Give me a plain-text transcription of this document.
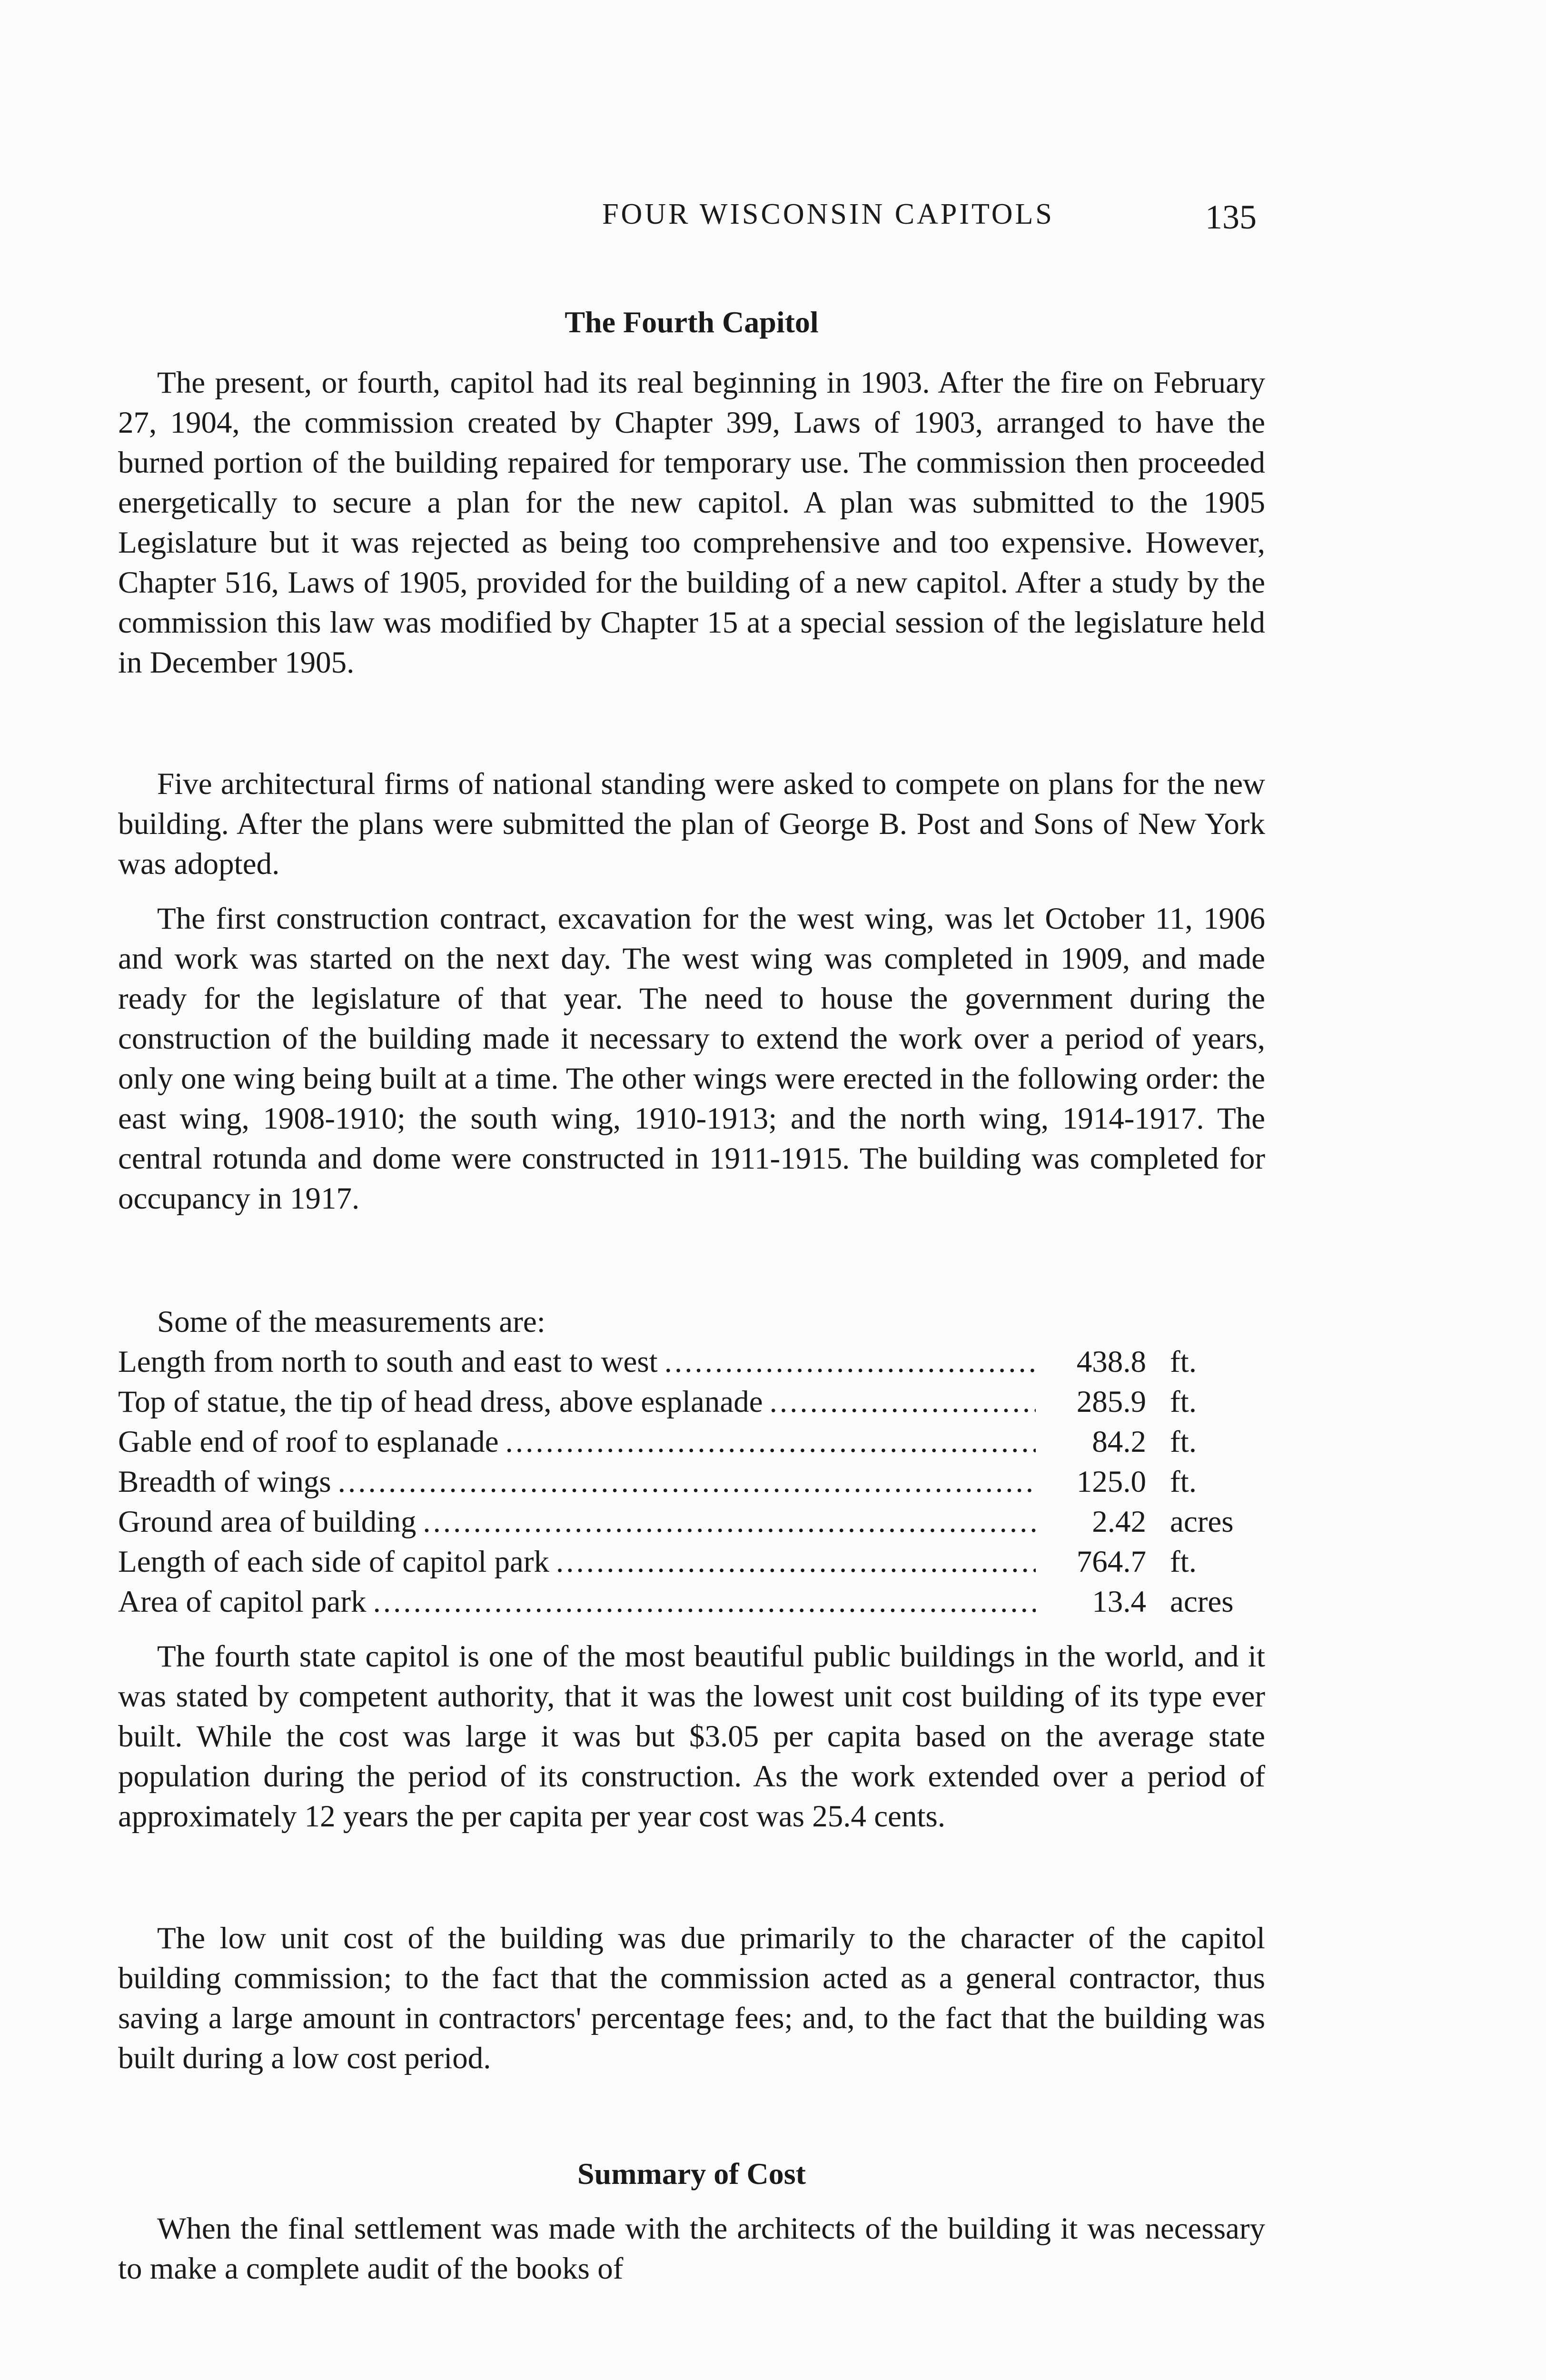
FOUR WISCONSIN CAPITOLS	135
The Fourth Capitol

The present, or fourth, capitol had its real beginning in 1903. After the fire on February 27, 1904, the commission created by Chapter 399, Laws of 1903, arranged to have the burned portion of the building repaired for temporary use. The commission then proceeded energetically to secure a plan for the new capitol. A plan was submitted to the 1905 Legislature but it was rejected as being too comprehensive and too expensive. However, Chapter 516, Laws of 1905, provided for the building of a new capitol. After a study by the commission this law was modified by Chapter 15 at a special session of the legislature held in December 1905.

Five architectural firms of national standing were asked to compete on plans for the new building. After the plans were submitted the plan of George B. Post and Sons of New York was adopted.

The first construction contract, excavation for the west wing, was let October 11, 1906 and work was started on the next day. The west wing was completed in 1909, and made ready for the legislature of that year. The need to house the government during the construction of the building made it necessary to extend the work over a period of years, only one wing being built at a time. The other wings were erected in the following order: the east wing, 1908-1910; the south wing, 1910-1913; and the north wing, 1914-1917. The central rotunda and dome were constructed in 1911-1915. The building was completed for occupancy in 1917.

Some of the measurements are:

Length from north to south and east to west .....	438.8 ft.
Top of statue, the tip of head dress, above esplanade .....	285.9 ft.
Gable end of roof to esplanade .....	84.2 ft.
Breadth of wings .....	125.0 ft.
Ground area of building .....	2.42 acres
Length of each side of capitol park .....	764.7 ft.
Area of capitol park .....	13.4 acres

The fourth state capitol is one of the most beautiful public buildings in the world, and it was stated by competent authority, that it was the lowest unit cost building of its type ever built. While the cost was large it was but $3.05 per capita based on the average state population during the period of its construction. As the work extended over a period of approximately 12 years the per capita per year cost was 25.4 cents.

The low unit cost of the building was due primarily to the character of the capitol building commission; to the fact that the commission acted as a general contractor, thus saving a large amount in contractors' percentage fees; and, to the fact that the building was built during a low cost period.

Summary of Cost

When the final settlement was made with the architects of the building it was necessary to make a complete audit of the books of
